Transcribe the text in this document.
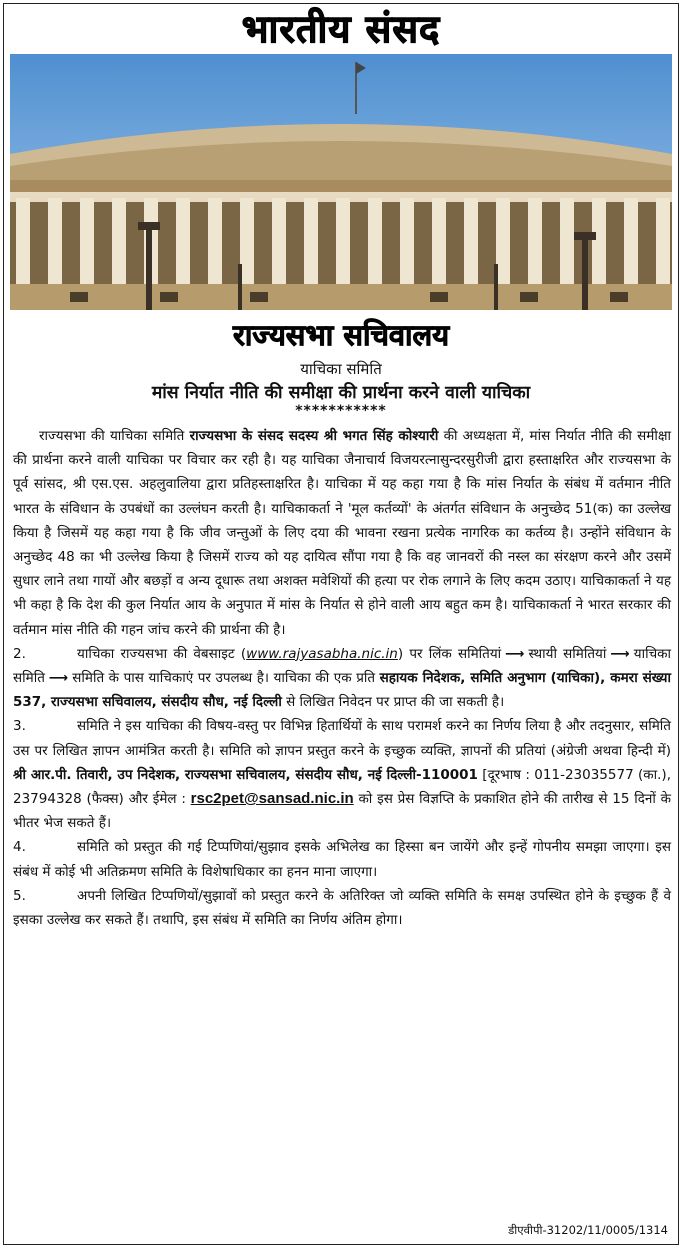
भारतीय संसद
राज्यसभा सचिवालय
याचिका समिति
मांस निर्यात नीति की समीक्षा की प्रार्थना करने वाली याचिका
***********

राज्यसभा की याचिका समिति राज्यसभा के संसद सदस्य श्री भगत सिंह कोश्यारी की अध्यक्षता में, मांस निर्यात नीति की समीक्षा की प्रार्थना करने वाली याचिका पर विचार कर रही है। यह याचिका जैनाचार्य विजयरत्नासुन्दरसुरीजी द्वारा हस्ताक्षरित और राज्यसभा के पूर्व सांसद, श्री एस.एस. अहलुवालिया द्वारा प्रतिहस्ताक्षरित है। याचिका में यह कहा गया है कि मांस निर्यात के संबंध में वर्तमान नीति भारत के संविधान के उपबंधों का उल्लंघन करती है। याचिकाकर्ता ने 'मूल कर्तव्यों' के अंतर्गत संविधान के अनुच्छेद 51(क) का उल्लेख किया है जिसमें यह कहा गया है कि जीव जन्तुओं के लिए दया की भावना रखना प्रत्येक नागरिक का कर्तव्य है। उन्होंने संविधान के अनुच्छेद 48 का भी उल्लेख किया है जिसमें राज्य को यह दायित्व सौंपा गया है कि वह जानवरों की नस्ल का संरक्षण करने और उसमें सुधार लाने तथा गायों और बछड़ों व अन्य दूधारू तथा अशक्त मवेशियों की हत्या पर रोक लगाने के लिए कदम उठाए। याचिकाकर्ता ने यह भी कहा है कि देश की कुल निर्यात आय के अनुपात में मांस के निर्यात से होने वाली आय बहुत कम है। याचिकाकर्ता ने भारत सरकार की वर्तमान मांस नीति की गहन जांच करने की प्रार्थना की है।

2.	याचिका राज्यसभा की वेबसाइट (www.rajyasabha.nic.in) पर लिंक समितियां ⟶ स्थायी समितियां ⟶ याचिका समिति ⟶ समिति के पास याचिकाएं पर उपलब्ध है। याचिका की एक प्रति सहायक निदेशक, समिति अनुभाग (याचिका), कमरा संख्या 537, राज्यसभा सचिवालय, संसदीय सौध, नई दिल्ली से लिखित निवेदन पर प्राप्त की जा सकती है।

3.	समिति ने इस याचिका की विषय-वस्तु पर विभिन्न हितार्थियों के साथ परामर्श करने का निर्णय लिया है और तदनुसार, समिति उस पर लिखित ज्ञापन आमंत्रित करती है। समिति को ज्ञापन प्रस्तुत करने के इच्छुक व्यक्ति, ज्ञापनों की प्रतियां (अंग्रेजी अथवा हिन्दी में) श्री आर.पी. तिवारी, उप निदेशक, राज्यसभा सचिवालय, संसदीय सौध, नई दिल्ली-110001 [दूरभाष : 011-23035577 (का.), 23794328 (फैक्स) और ईमेल : rsc2pet@sansad.nic.in को इस प्रेस विज्ञप्ति के प्रकाशित होने की तारीख से 15 दिनों के भीतर भेज सकते हैं।

4.	समिति को प्रस्तुत की गई टिप्पणियां/सुझाव इसके अभिलेख का हिस्सा बन जायेंगे और इन्हें गोपनीय समझा जाएगा। इस संबंध में कोई भी अतिक्रमण समिति के विशेषाधिकार का हनन माना जाएगा।

5.	अपनी लिखित टिप्पणियों/सुझावों को प्रस्तुत करने के अतिरिक्त जो व्यक्ति समिति के समक्ष उपस्थित होने के इच्छुक हैं वे इसका उल्लेख कर सकते हैं। तथापि, इस संबंध में समिति का निर्णय अंतिम होगा।

डीएवीपी-31202/11/0005/1314
